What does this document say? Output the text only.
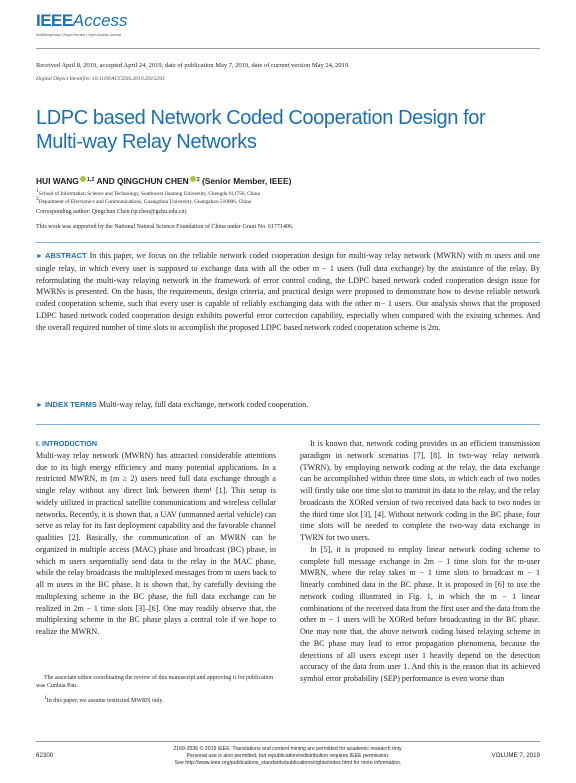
IEEEAccess
Multidisciplinary | Rapid Review | Open Access Journal
Received April 8, 2019, accepted April 24, 2019, date of publication May 7, 2019, date of current version May 24, 2019.
Digital Object Identifier 10.1109/ACCESS.2019.2915293
LDPC based Network Coded Cooperation Design for Multi-way Relay Networks
HUI WANG $^{1,2}$ AND QINGCHUN CHEN $^2$ (Senior Member, IEEE)
1School of Information Science and Technology, Southwest Jiaotong University, Chengdu 611756, China
2Department of Electronics and Communications, Guangzhou University, Guangzhou 510006, China
Corresponding author: Qingchun Chen (qcchen@gzhu.edu.cn)
This work was supported by the National Natural Science Foundation of China under Grant No. 61771406.
► ABSTRACT In this paper, we focus on the reliable network coded cooperation design for multi-way relay network (MWRN) with m users and one single relay, in which every user is supposed to exchange data with all the other m − 1 users (full data exchange) by the assistance of the relay. By reformulating the multi-way relaying network in the framework of error control coding, the LDPC based network coded cooperation design issue for MWRNs is presented. On the basis, the requirements, design criteria, and practical design were proposed to demonstrate how to devise reliable network coded cooperation scheme, such that every user is capable of reliably exchanging data with the other m− 1 users. Our analysis shows that the proposed LDPC based network coded cooperation design exhibits powerful error correction capability, especially when compared with the existing schemes. And the overall required number of time slots to accomplish the proposed LDPC based network coded cooperation scheme is 2m.
► INDEX TERMS Multi-way relay, full data exchange, network coded cooperation.
I. INTRODUCTION

Multi-way relay network (MWRN) has attracted considerable attentions due to its high energy efficiency and many potential applications. In a restricted MWRN, m (m ≥ 2) users need full data exchange through a single relay without any direct link between them¹ [1]. This setup is widely utilized in practical satellite communications and wireless cellular networks. Recently, it is shown that, a UAV (unmanned aerial vehicle) can serve as relay for its fast deployment capability and the favorable channel qualities [2]. Basically, the communication of an MWRN can be organized in multiple access (MAC) phase and broadcast (BC) phase, in which m users sequentially send data to the relay in the MAC phase, while the relay broadcasts the multiplexed messages from m users back to all m users in the BC phase. It is shown that, by carefully devising the multiplexing scheme in the BC phase, the full data exchange can be realized in 2m − 1 time slots [3]–[6]. One may readily observe that, the multiplexing scheme in the BC phase plays a central role if we hope to realize the MWRN.

It is known that, network coding provides us an efficient transmission paradigm in network scenarios [7], [8]. In two-way relay network (TWRN), by employing network coding at the relay, the data exchange can be accomplished within three time slots, in which each of two nodes will firstly take one time slot to transmit its data to the relay, and the relay broadcasts the XORed version of two received data back to two nodes in the third time slot [3], [4]. Without network coding in the BC phase, four time slots will be needed to complete the two-way data exchange in TWRN for two users.

In [5], it is proposed to employ linear network coding scheme to complete full message exchange in 2m − 1 time slots for the m-user MWRN, where the relay takes m − 1 time slots to broadcast m − 1 linearly combined data in the BC phase. It is proposed in [6] to use the network coding illustrated in Fig. 1, in which the m − 1 linear combinations of the received data from the first user and the data from the other m − 1 users will be XORed before broadcasting in the BC phase. One may note that, the above network coding based relaying scheme in the BC phase may lead to error propagation phenomena, because the detections of all users except user 1 heavily depend on the detection accuracy of the data from user 1. And this is the reason that its achieved symbol error probability (SEP) performance is even worse than

The associate editor coordinating the review of this manuscript and approving it for publication was Cunhua Pan.

1In this paper, we assume restricted MWRN only.

62300
2169-3536 © 2019 IEEE. Translations and content mining are permitted for academic research only.
Personal use is also permitted, but republication/redistribution requires IEEE permission.
See http://www.ieee.org/publications_standards/publications/rights/index.html for more information.
VOLUME 7, 2019
